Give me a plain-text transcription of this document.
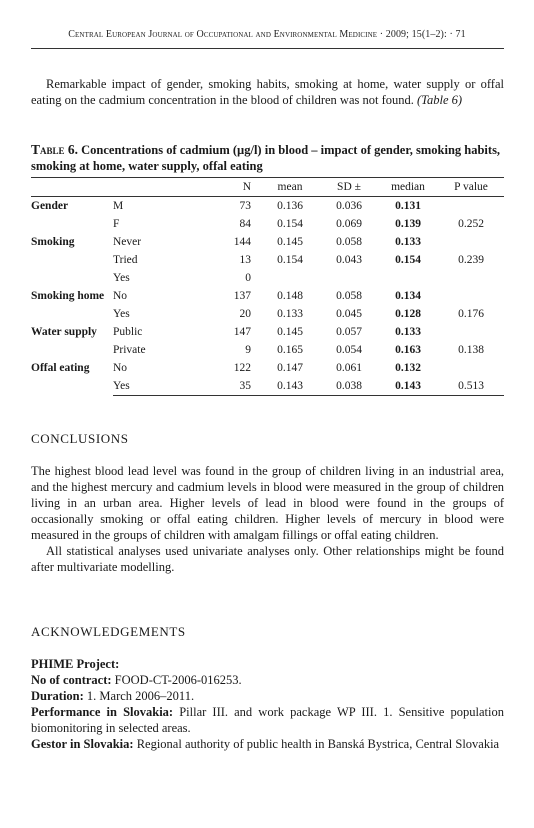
Central European Journal of Occupational and Environmental Medicine · 2009; 15(1–2): · 71

Remarkable impact of gender, smoking habits, smoking at home, water supply or offal eating on the cadmium concentration in the blood of children was not found. (Table 6)

Table 6. Concentrations of cadmium (µg/l) in blood – impact of gender, smoking habits, smoking at home, water supply, offal eating
		N	mean	SD ±	median	P value
Gender	M	73	0.136	0.036	0.131	
	F	84	0.154	0.069	0.139	0.252
Smoking	Never	144	0.145	0.058	0.133	
	Tried	13	0.154	0.043	0.154	0.239
	Yes	0				
Smoking home	No	137	0.148	0.058	0.134	
	Yes	20	0.133	0.045	0.128	0.176
Water supply	Public	147	0.145	0.057	0.133	
	Private	9	0.165	0.054	0.163	0.138
Offal eating	No	122	0.147	0.061	0.132	
	Yes	35	0.143	0.038	0.143	0.513
CONCLUSIONS

The highest blood lead level was found in the group of children living in an industrial area, and the highest mercury and cadmium levels in blood were measured in the group of children living in an urban area. Higher levels of lead in blood were found in the groups of occasionally smoking or offal eating children. Higher levels of mercury in blood were measured in the groups of children with amalgam fillings or offal eating children.

All statistical analyses used univariate analyses only. Other relationships might be found after multivariate modelling.

ACKNOWLEDGEMENTS
PHIME Project:
No of contract: FOOD-CT-2006-016253.
Duration: 1. March 2006–2011.
Performance in Slovakia: Pillar III. and work package WP III. 1. Sensitive population biomonitoring in selected areas.
Gestor in Slovakia: Regional authority of public health in Banská Bystrica, Central Slovakia
